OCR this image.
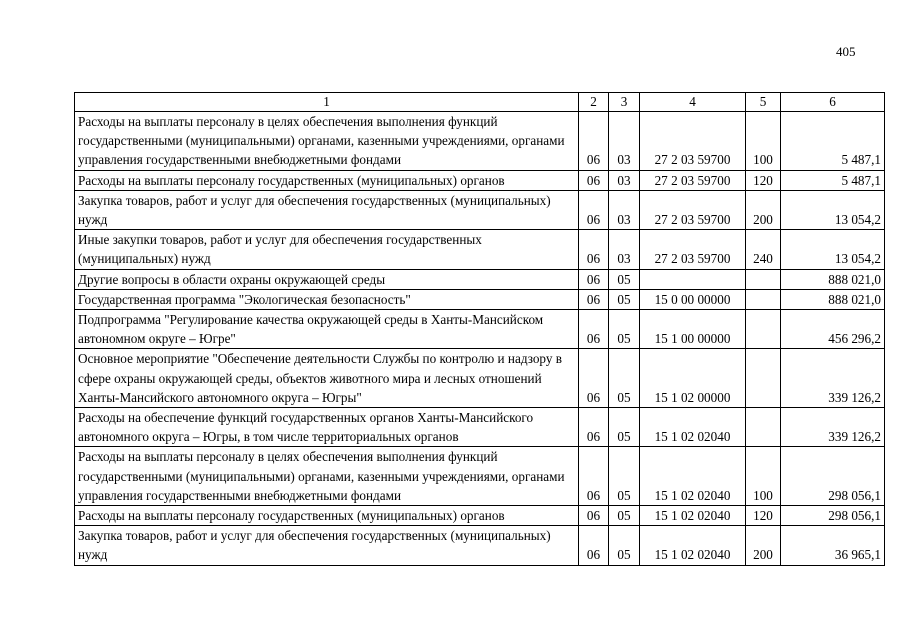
405
1	2	3	4	5	6
Расходы на выплаты персоналу в целях обеспечения выполнения функций государственными (муниципальными) органами, казенными учреждениями, органами управления государственными внебюджетными фондами	06	03	27 2 03 59700	100	5 487,1
Расходы на выплаты персоналу государственных (муниципальных) органов	06	03	27 2 03 59700	120	5 487,1
Закупка товаров, работ и услуг для обеспечения государственных (муниципальных) нужд	06	03	27 2 03 59700	200	13 054,2
Иные закупки товаров, работ и услуг для обеспечения государственных (муниципальных) нужд	06	03	27 2 03 59700	240	13 054,2
Другие вопросы в области охраны окружающей среды	06	05			888 021,0
Государственная программа "Экологическая безопасность"	06	05	15 0 00 00000		888 021,0
Подпрограмма "Регулирование качества окружающей среды в Ханты-Мансийском автономном округе – Югре"	06	05	15 1 00 00000		456 296,2
Основное мероприятие "Обеспечение деятельности Службы по контролю и надзору в сфере охраны окружающей среды, объектов животного мира и лесных отношений Ханты-Мансийского автономного округа – Югры"	06	05	15 1 02 00000		339 126,2
Расходы на обеспечение функций государственных органов Ханты-Мансийского автономного округа – Югры, в том числе территориальных органов	06	05	15 1 02 02040		339 126,2
Расходы на выплаты персоналу в целях обеспечения выполнения функций государственными (муниципальными) органами, казенными учреждениями, органами управления государственными внебюджетными фондами	06	05	15 1 02 02040	100	298 056,1
Расходы на выплаты персоналу государственных (муниципальных) органов	06	05	15 1 02 02040	120	298 056,1
Закупка товаров, работ и услуг для обеспечения государственных (муниципальных) нужд	06	05	15 1 02 02040	200	36 965,1
